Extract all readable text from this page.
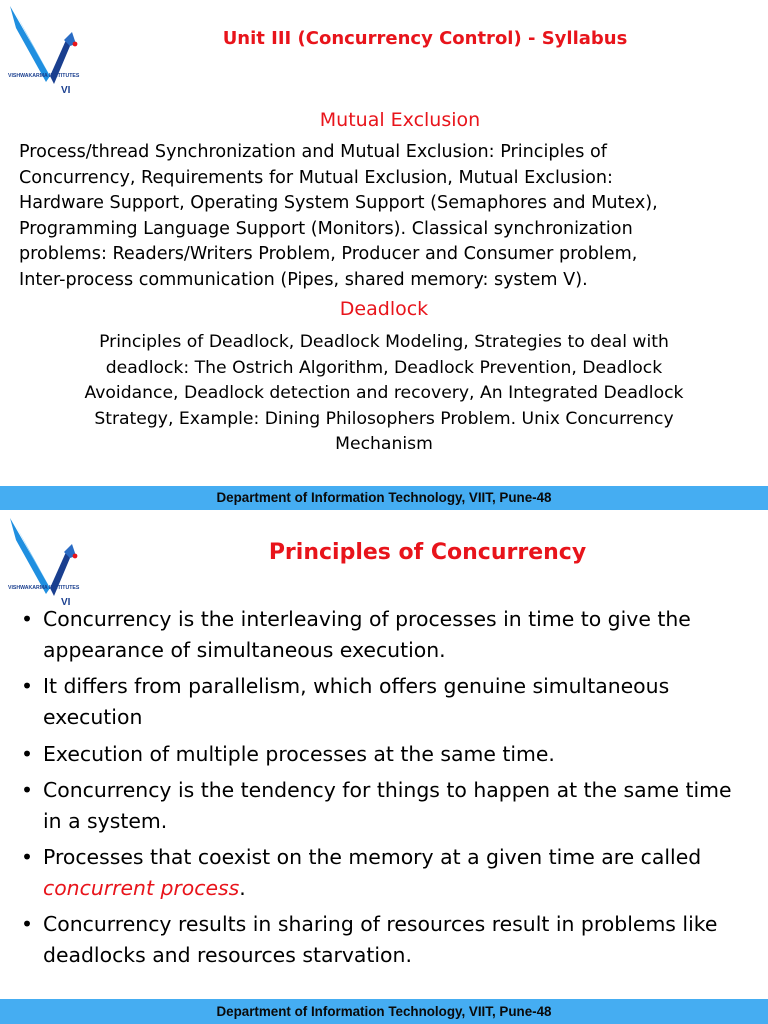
VISHWAKARMA INSTITUTES
VI
Unit III (Concurrency Control) - Syllabus
Mutual Exclusion
Process/thread Synchronization and Mutual Exclusion: Principles of
Concurrency, Requirements for Mutual Exclusion, Mutual Exclusion:
Hardware Support, Operating System Support (Semaphores and Mutex),
Programming Language Support (Monitors). Classical synchronization
problems: Readers/Writers Problem, Producer and Consumer problem,
Inter-process communication (Pipes, shared memory: system V).
Deadlock
Principles of Deadlock, Deadlock Modeling, Strategies to deal with
deadlock: The Ostrich Algorithm, Deadlock Prevention, Deadlock
Avoidance, Deadlock detection and recovery, An Integrated Deadlock
Strategy, Example: Dining Philosophers Problem. Unix Concurrency
Mechanism
Department of Information Technology, VIIT, Pune-48
VISHWAKARMA INSTITUTES
VI
Principles of Concurrency
• Concurrency is the interleaving of processes in time to give the
appearance of simultaneous execution.
• It differs from parallelism, which offers genuine simultaneous
execution
• Execution of multiple processes at the same time.
• Concurrency is the tendency for things to happen at the same time
in a system.
• Processes that coexist on the memory at a given time are called
concurrent process.
• Concurrency results in sharing of resources result in problems like
deadlocks and resources starvation.
Department of Information Technology, VIIT, Pune-48
